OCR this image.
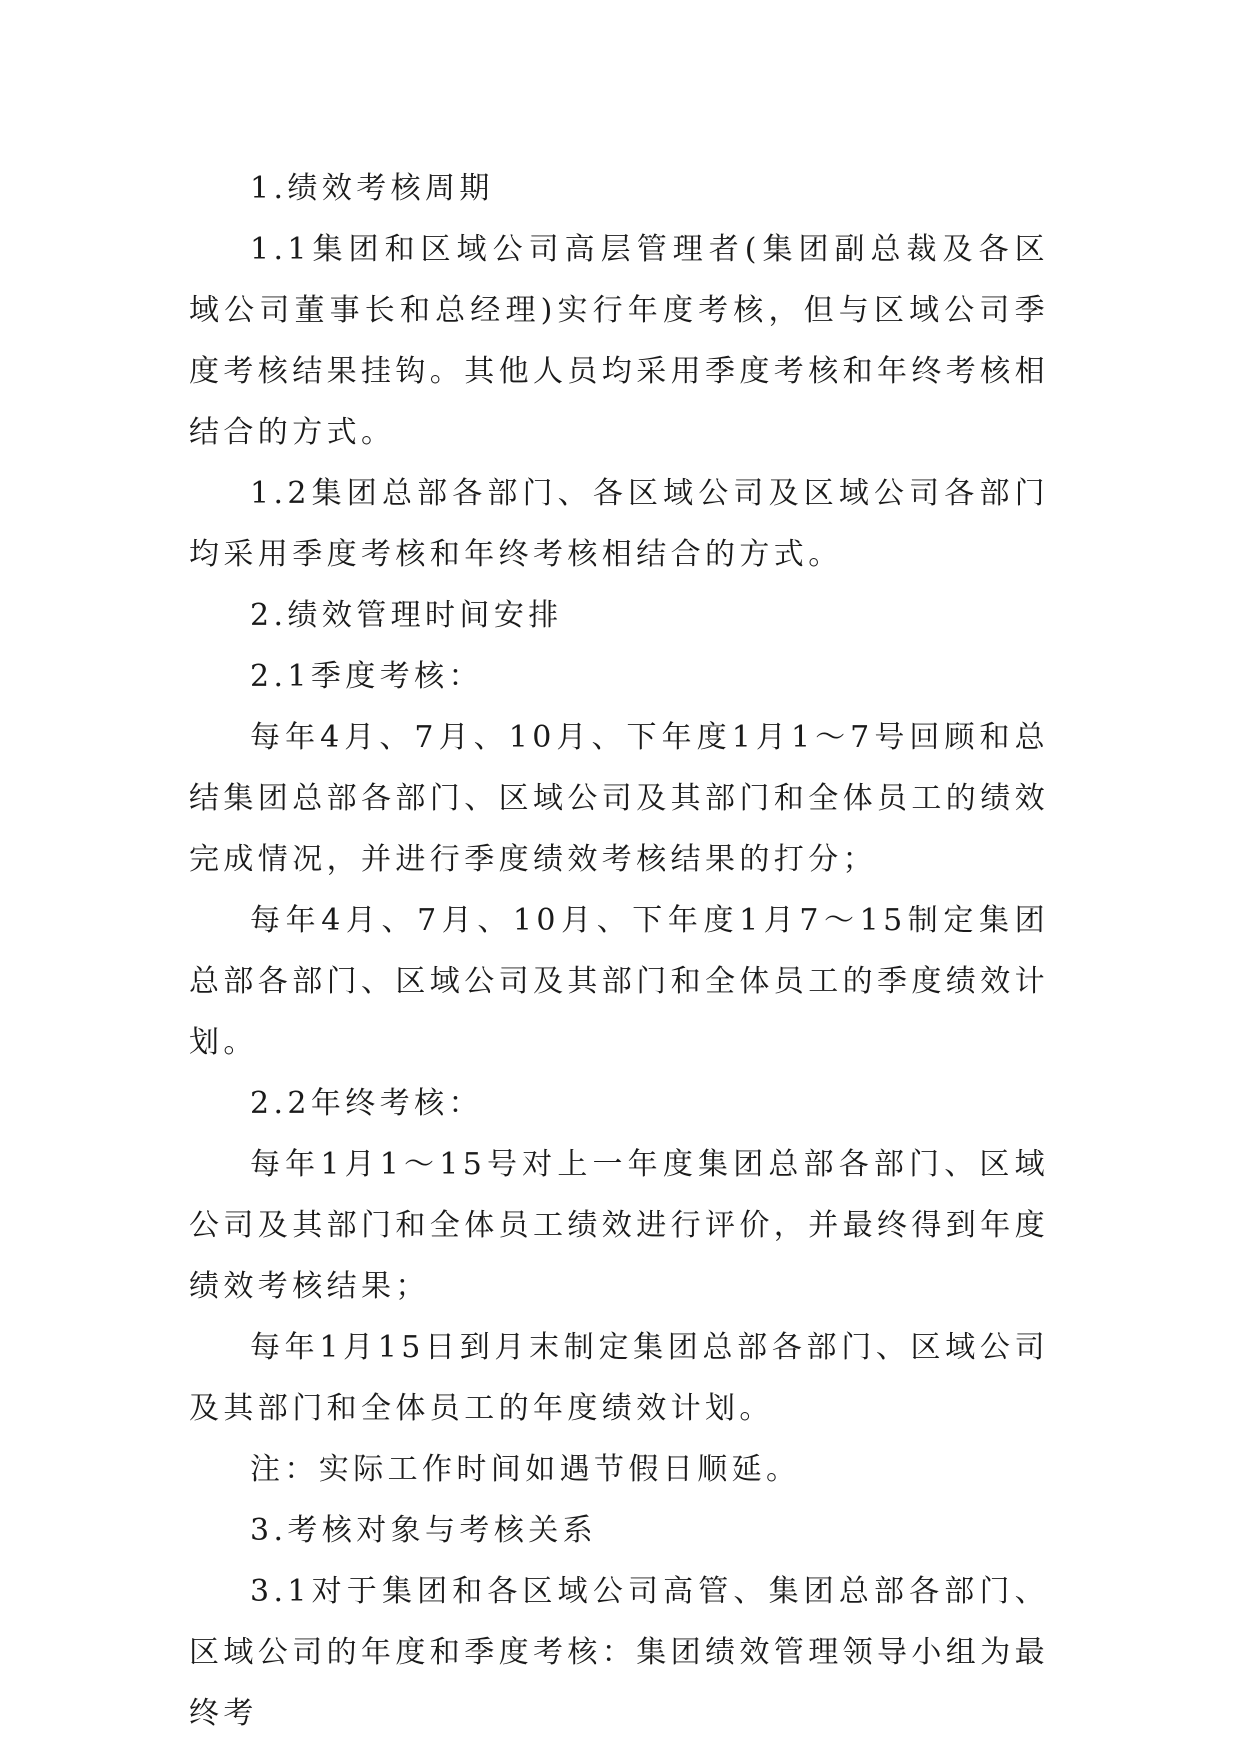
1.绩效考核周期

1.1集团和区域公司高层管理者(集团副总裁及各区域公司董事长和总经理)实行年度考核，但与区域公司季度考核结果挂钩。其他人员均采用季度考核和年终考核相结合的方式。

1.2集团总部各部门、各区域公司及区域公司各部门均采用季度考核和年终考核相结合的方式。

2.绩效管理时间安排

2.1季度考核：

每年4月、7月、10月、下年度1月1～7号回顾和总结集团总部各部门、区域公司及其部门和全体员工的绩效完成情况，并进行季度绩效考核结果的打分；

每年4月、7月、10月、下年度1月7～15制定集团总部各部门、区域公司及其部门和全体员工的季度绩效计划。

2.2年终考核：

每年1月1～15号对上一年度集团总部各部门、区域公司及其部门和全体员工绩效进行评价，并最终得到年度绩效考核结果；

每年1月15日到月末制定集团总部各部门、区域公司及其部门和全体员工的年度绩效计划。

注：实际工作时间如遇节假日顺延。

3.考核对象与考核关系

3.1对于集团和各区域公司高管、集团总部各部门、区域公司的年度和季度考核：集团绩效管理领导小组为最终考
